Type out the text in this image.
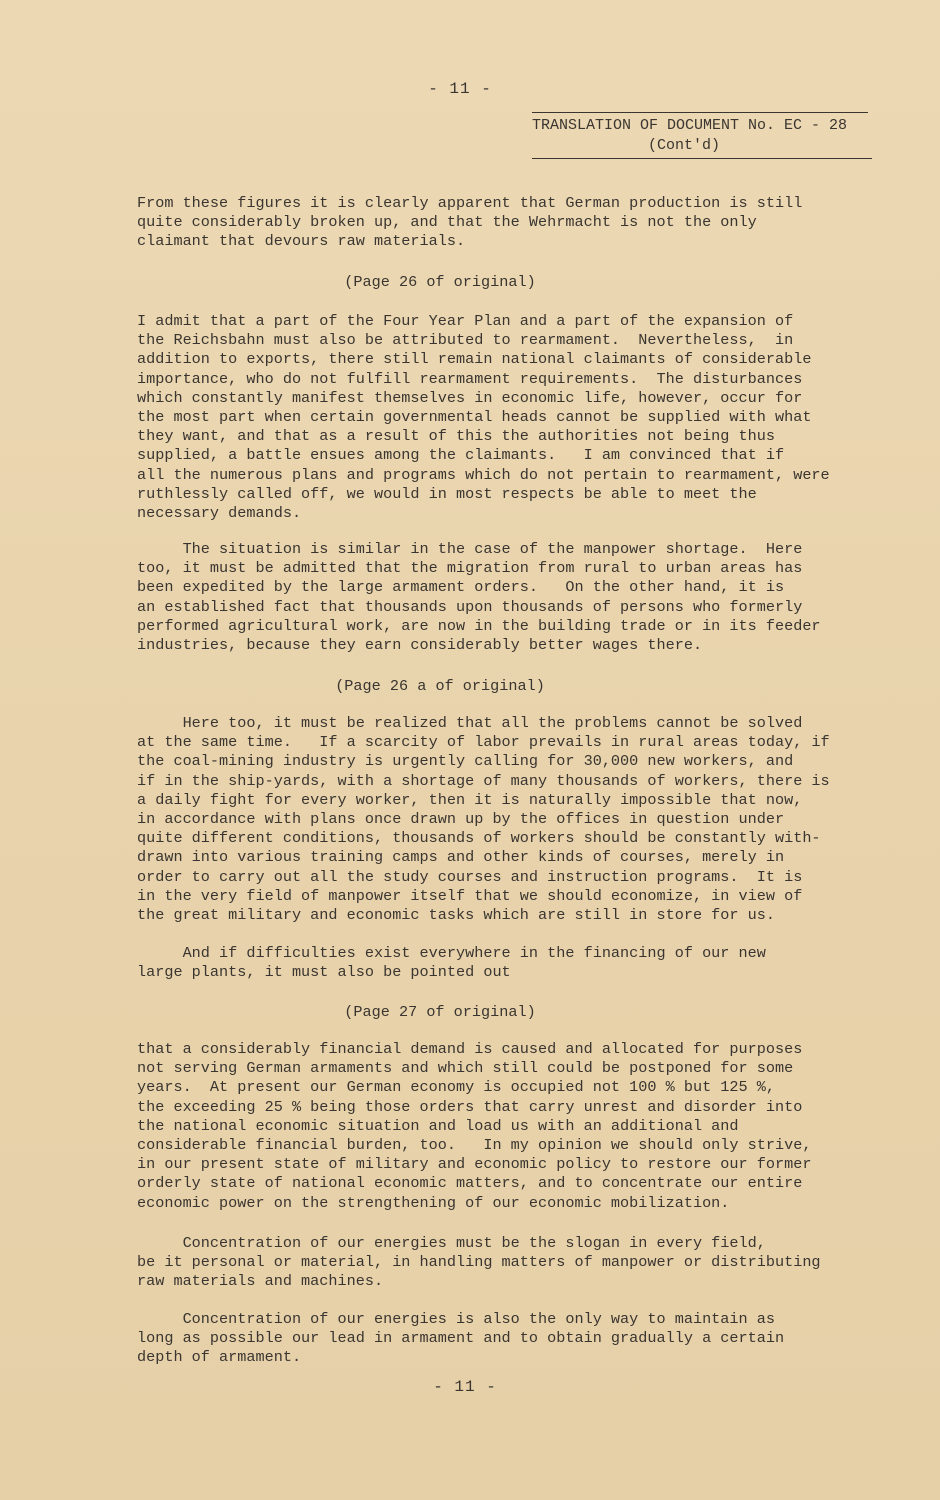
- 11 -
TRANSLATION OF DOCUMENT No. EC - 28
(Cont'd)

From these figures it is clearly apparent that German production is still
quite considerably broken up, and that the Wehrmacht is not the only
claimant that devours raw materials.

(Page 26 of original)

I admit that a part of the Four Year Plan and a part of the expansion of
the Reichsbahn must also be attributed to rearmament.  Nevertheless,  in
addition to exports, there still remain national claimants of considerable
importance, who do not fulfill rearmament requirements.  The disturbances
which constantly manifest themselves in economic life, however, occur for
the most part when certain governmental heads cannot be supplied with what
they want, and that as a result of this the authorities not being thus
supplied, a battle ensues among the claimants.   I am convinced that if
all the numerous plans and programs which do not pertain to rearmament, were
ruthlessly called off, we would in most respects be able to meet the
necessary demands.

The situation is similar in the case of the manpower shortage.  Here
too, it must be admitted that the migration from rural to urban areas has
been expedited by the large armament orders.   On the other hand, it is
an established fact that thousands upon thousands of persons who formerly
performed agricultural work, are now in the building trade or in its feeder
industries, because they earn considerably better wages there.

(Page 26 a of original)

Here too, it must be realized that all the problems cannot be solved
at the same time.   If a scarcity of labor prevails in rural areas today, if
the coal-mining industry is urgently calling for 30,000 new workers, and
if in the ship-yards, with a shortage of many thousands of workers, there is
a daily fight for every worker, then it is naturally impossible that now,
in accordance with plans once drawn up by the offices in question under
quite different conditions, thousands of workers should be constantly with-
drawn into various training camps and other kinds of courses, merely in
order to carry out all the study courses and instruction programs.  It is
in the very field of manpower itself that we should economize, in view of
the great military and economic tasks which are still in store for us.

And if difficulties exist everywhere in the financing of our new
large plants, it must also be pointed out

(Page 27 of original)

that a considerably financial demand is caused and allocated for purposes
not serving German armaments and which still could be postponed for some
years.  At present our German economy is occupied not 100 % but 125 %,
the exceeding 25 % being those orders that carry unrest and disorder into
the national economic situation and load us with an additional and
considerable financial burden, too.   In my opinion we should only strive,
in our present state of military and economic policy to restore our former
orderly state of national economic matters, and to concentrate our entire
economic power on the strengthening of our economic mobilization.

Concentration of our energies must be the slogan in every field,
be it personal or material, in handling matters of manpower or distributing
raw materials and machines.

Concentration of our energies is also the only way to maintain as
long as possible our lead in armament and to obtain gradually a certain
depth of armament.

- 11 -
